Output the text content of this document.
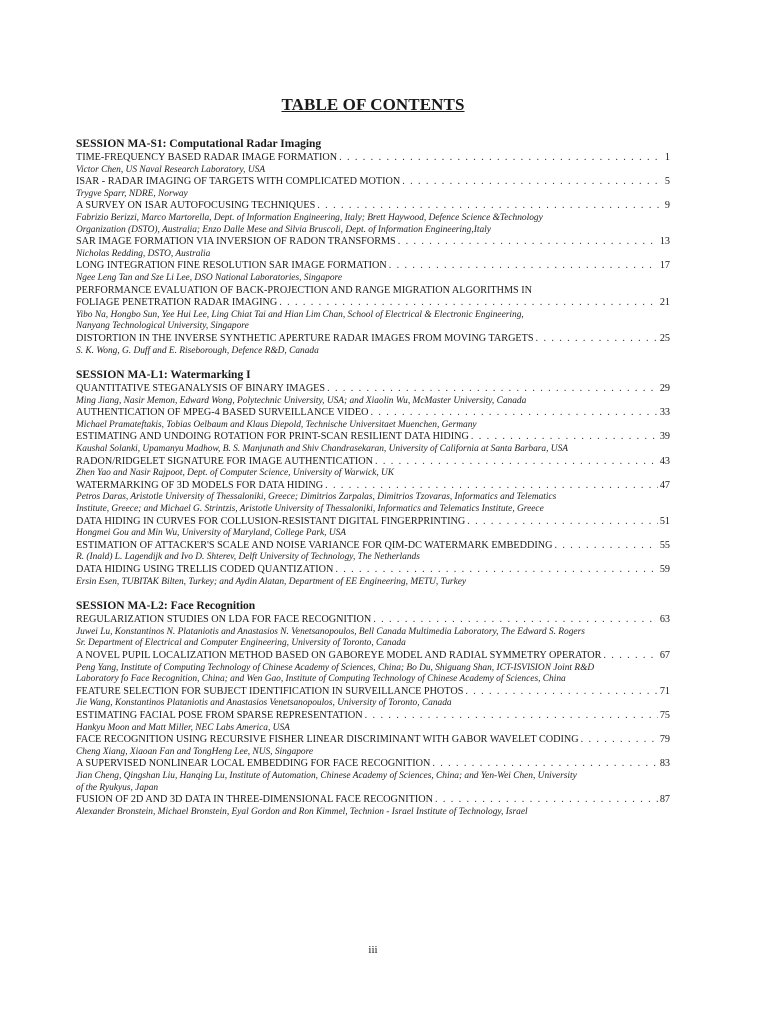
TABLE OF CONTENTS
SESSION MA-S1: Computational Radar Imaging
TIME-FREQUENCY BASED RADAR IMAGE FORMATION . . .	1
Victor Chen, US Naval Research Laboratory, USA
ISAR - RADAR IMAGING OF TARGETS WITH COMPLICATED MOTION . . .	5
Trygve Sparr, NDRE, Norway
A SURVEY ON ISAR AUTOFOCUSING TECHNIQUES . . .	9
Fabrizio Berizzi, Marco Martorella, Dept. of Information Engineering, Italy; Brett Haywood, Defence Science &Technology
Organization (DSTO), Australia; Enzo Dalle Mese and Silvia Bruscoli, Dept. of Information Engineering,Italy
SAR IMAGE FORMATION VIA INVERSION OF RADON TRANSFORMS . . .	13
Nicholas Redding, DSTO, Australia
LONG INTEGRATION FINE RESOLUTION SAR IMAGE FORMATION . . .	17
Ngee Leng Tan and Sze Li Lee, DSO National Laboratories, Singapore
PERFORMANCE EVALUATION OF BACK-PROJECTION AND RANGE MIGRATION ALGORITHMS IN
FOLIAGE PENETRATION RADAR IMAGING . . .	21
Yibo Na, Hongbo Sun, Yee Hui Lee, Ling Chiat Tai and Hian Lim Chan, School of Electrical & Electronic Engineering,
Nanyang Technological University, Singapore
DISTORTION IN THE INVERSE SYNTHETIC APERTURE RADAR IMAGES FROM MOVING TARGETS . . .	25
S. K. Wong, G. Duff and E. Riseborough, Defence R&D, Canada
SESSION MA-L1: Watermarking I
QUANTITATIVE STEGANALYSIS OF BINARY IMAGES . . .	29
Ming Jiang, Nasir Memon, Edward Wong, Polytechnic University, USA; and Xiaolin Wu, McMaster University, Canada
AUTHENTICATION OF MPEG-4 BASED SURVEILLANCE VIDEO . . .	33
Michael Pramateftakis, Tobias Oelbaum and Klaus Diepold, Technische Universitaet Muenchen, Germany
ESTIMATING AND UNDOING ROTATION FOR PRINT-SCAN RESILIENT DATA HIDING . . .	39
Kaushal Solanki, Upamanyu Madhow, B. S. Manjunath and Shiv Chandrasekaran, University of California at Santa Barbara, USA
RADON/RIDGELET SIGNATURE FOR IMAGE AUTHENTICATION . . .	43
Zhen Yao and Nasir Rajpoot, Dept. of Computer Science, University of Warwick, UK
WATERMARKING OF 3D MODELS FOR DATA HIDING . . .	47
Petros Daras, Aristotle University of Thessaloniki, Greece; Dimitrios Zarpalas, Dimitrios Tzovaras, Informatics and Telematics
Institute, Greece; and Michael G. Strintzis, Aristotle University of Thessaloniki, Informatics and Telematics Institute, Greece
DATA HIDING IN CURVES FOR COLLUSION-RESISTANT DIGITAL FINGERPRINTING . . .	51
Hongmei Gou and Min Wu, University of Maryland, College Park, USA
ESTIMATION OF ATTACKER'S SCALE AND NOISE VARIANCE FOR QIM-DC WATERMARK EMBEDDING . . .	55
R. (Inald) L. Lagendijk and Ivo D. Shterev, Delft University of Technology, The Netherlands
DATA HIDING USING TRELLIS CODED QUANTIZATION . . .	59
Ersin Esen, TUBITAK Bilten, Turkey; and Aydin Alatan, Department of EE Engineering, METU, Turkey
SESSION MA-L2: Face Recognition
REGULARIZATION STUDIES ON LDA FOR FACE RECOGNITION . . .	63
Juwei Lu, Konstantinos N. Plataniotis and Anastasios N. Venetsanopoulos, Bell Canada Multimedia Laboratory, The Edward S. Rogers
Sr. Department of Electrical and Computer Engineering, University of Toronto, Canada
A NOVEL PUPIL LOCALIZATION METHOD BASED ON GABOREYE MODEL AND RADIAL SYMMETRY OPERATOR . . .	67
Peng Yang, Institute of Computing Technology of Chinese Academy of Sciences, China; Bo Du, Shiguang Shan, ICT-ISVISION Joint R&D
Laboratory fo Face Recognition, China; and Wen Gao, Institute of Computing Technology of Chinese Academy of Sciences, China
FEATURE SELECTION FOR SUBJECT IDENTIFICATION IN SURVEILLANCE PHOTOS . . .	71
Jie Wang, Konstantinos Plataniotis and Anastasios Venetsanopoulos, University of Toronto, Canada
ESTIMATING FACIAL POSE FROM SPARSE REPRESENTATION . . .	75
Hankyu Moon and Matt Miller, NEC Labs America, USA
FACE RECOGNITION USING RECURSIVE FISHER LINEAR DISCRIMINANT WITH GABOR WAVELET CODING . . .	79
Cheng Xiang, Xiaoan Fan and TongHeng Lee, NUS, Singapore
A SUPERVISED NONLINEAR LOCAL EMBEDDING FOR FACE RECOGNITION . . .	83
Jian Cheng, Qingshan Liu, Hanqing Lu, Institute of Automation, Chinese Academy of Sciences, China; and Yen-Wei Chen, University
of the Ryukyus, Japan
FUSION OF 2D AND 3D DATA IN THREE-DIMENSIONAL FACE RECOGNITION . . .	87
Alexander Bronstein, Michael Bronstein, Eyal Gordon and Ron Kimmel, Technion - Israel Institute of Technology, Israel
iii
